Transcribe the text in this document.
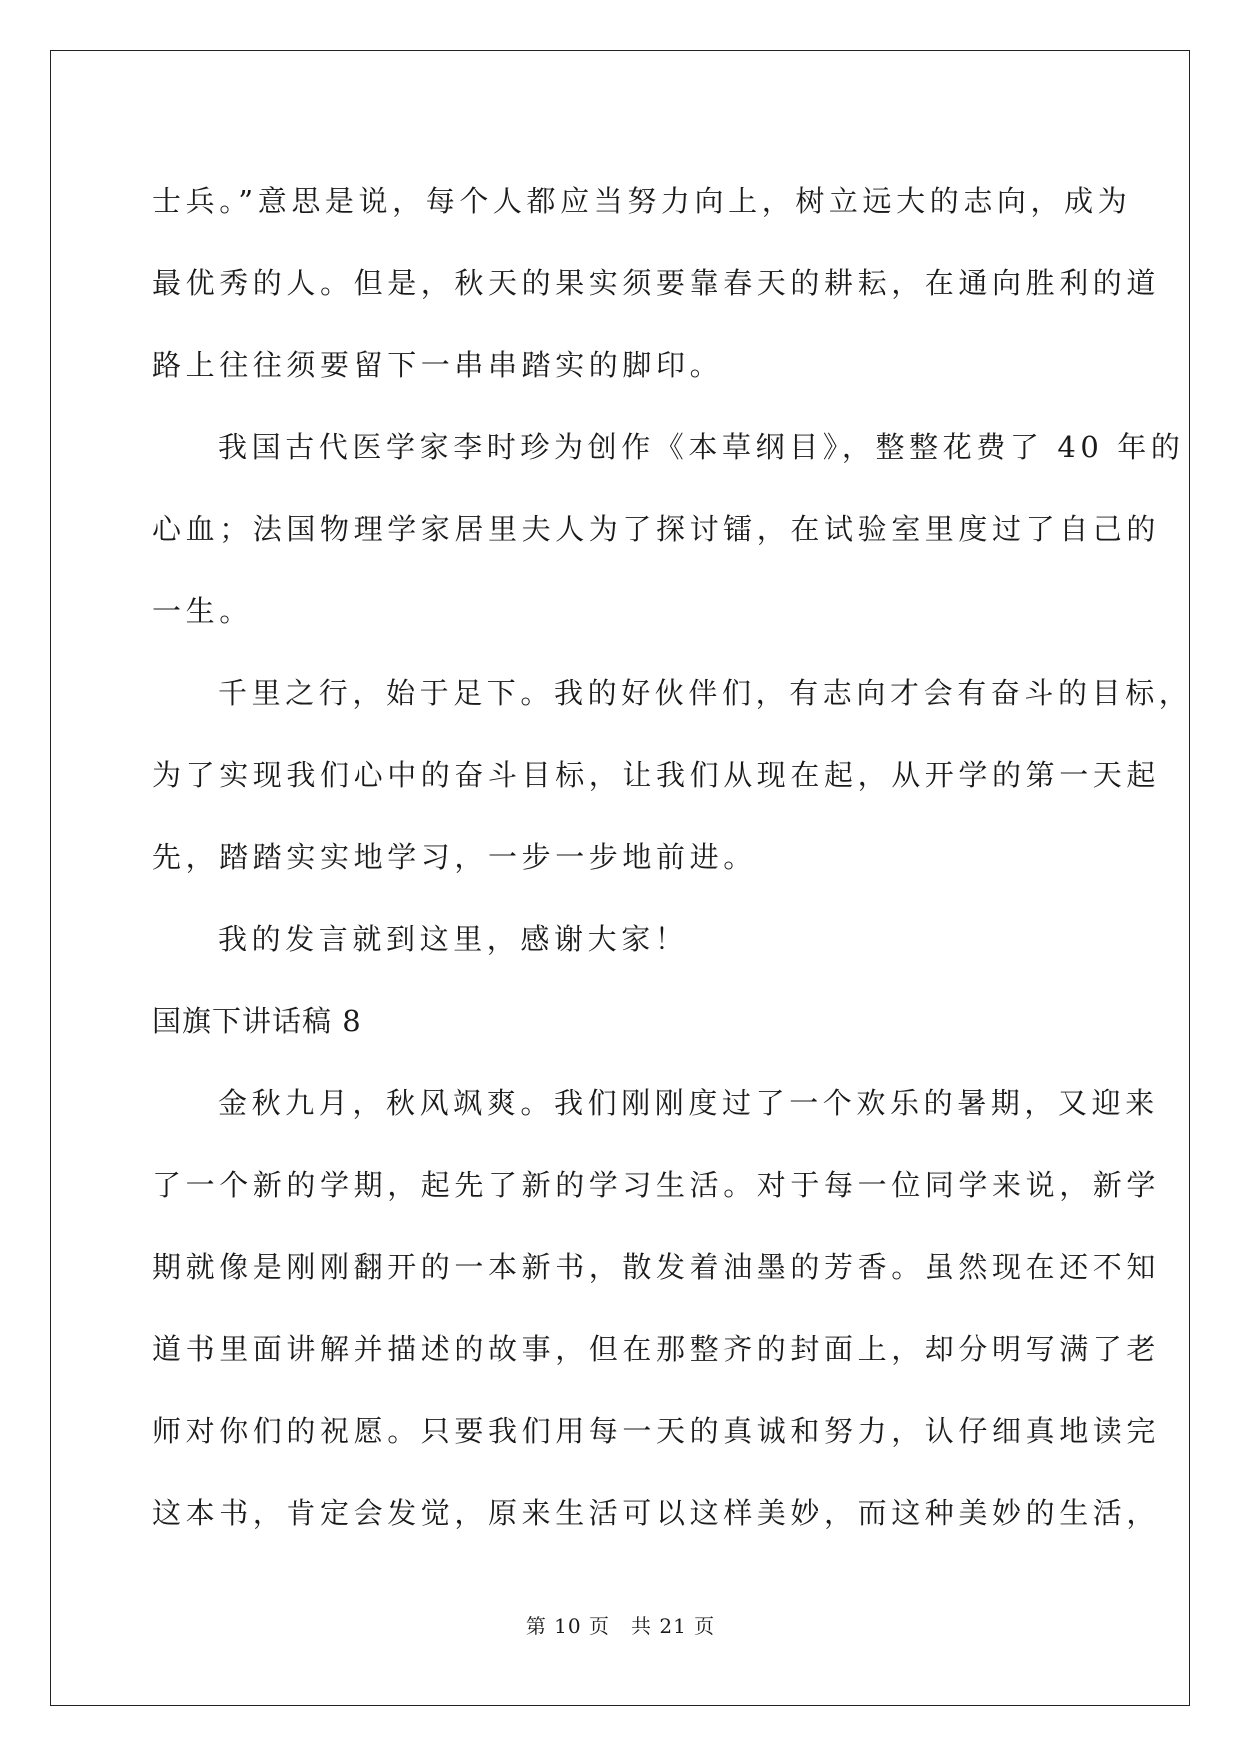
士兵。”意思是说，每个人都应当努力向上，树立远大的志向，成为
最优秀的人。但是，秋天的果实须要靠春天的耕耘，在通向胜利的道
路上往往须要留下一串串踏实的脚印。
我国古代医学家李时珍为创作《本草纲目》，整整花费了 40 年的
心血；法国物理学家居里夫人为了探讨镭，在试验室里度过了自己的
一生。
千里之行，始于足下。我的好伙伴们，有志向才会有奋斗的目标，
为了实现我们心中的奋斗目标，让我们从现在起，从开学的第一天起
先，踏踏实实地学习，一步一步地前进。
我的发言就到这里，感谢大家！
国旗下讲话稿 8
金秋九月，秋风飒爽。我们刚刚度过了一个欢乐的暑期，又迎来
了一个新的学期，起先了新的学习生活。对于每一位同学来说，新学
期就像是刚刚翻开的一本新书，散发着油墨的芳香。虽然现在还不知
道书里面讲解并描述的故事，但在那整齐的封面上，却分明写满了老
师对你们的祝愿。只要我们用每一天的真诚和努力，认仔细真地读完
这本书，肯定会发觉，原来生活可以这样美妙，而这种美妙的生活，
第 10 页　共 21 页
